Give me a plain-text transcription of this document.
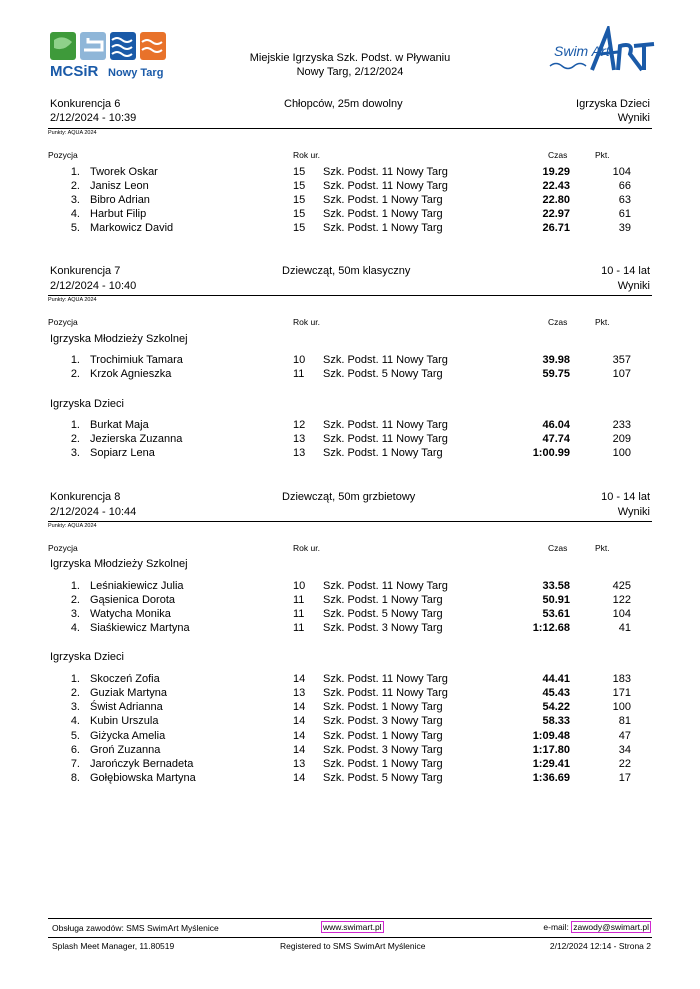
MCSiR Nowy Targ
Miejskie Igrzyska Szk. Podst. w Pływaniu
Nowy Targ, 2/12/2024
Swim Art
Konkurencja 6	Chłopców, 25m dowolny	Igrzyska Dzieci
2/12/2024 - 10:39	Wyniki
Punkty: AQUA 2024
Pozycja	Rok ur.	Czas	Pkt.
1. Tworek Oskar	15 Szk. Podst. 11 Nowy Targ	19.29	104
2. Janisz Leon	15 Szk. Podst. 11 Nowy Targ	22.43	66
3. Bibro Adrian	15 Szk. Podst. 1 Nowy Targ	22.80	63
4. Harbut Filip	15 Szk. Podst. 1 Nowy Targ	22.97	61
5. Markowicz David	15 Szk. Podst. 1 Nowy Targ	26.71	39
Konkurencja 7	Dziewcząt, 50m klasyczny	10 - 14 lat
2/12/2024 - 10:40	Wyniki
Punkty: AQUA 2024
Pozycja	Rok ur.	Czas	Pkt.
Igrzyska Młodzieży Szkolnej
1. Trochimiuk Tamara	10 Szk. Podst. 11 Nowy Targ	39.98	357
2. Krzok Agnieszka	11 Szk. Podst. 5 Nowy Targ	59.75	107
Igrzyska Dzieci
1. Burkat Maja	12 Szk. Podst. 11 Nowy Targ	46.04	233
2. Jezierska Zuzanna	13 Szk. Podst. 11 Nowy Targ	47.74	209
3. Sopiarz Lena	13 Szk. Podst. 1 Nowy Targ	1:00.99	100
Konkurencja 8	Dziewcząt, 50m grzbietowy	10 - 14 lat
2/12/2024 - 10:44	Wyniki
Punkty: AQUA 2024
Pozycja	Rok ur.	Czas	Pkt.
Igrzyska Młodzieży Szkolnej
1. Leśniakiewicz Julia	10 Szk. Podst. 11 Nowy Targ	33.58	425
2. Gąsienica Dorota	11 Szk. Podst. 1 Nowy Targ	50.91	122
3. Watycha Monika	11 Szk. Podst. 5 Nowy Targ	53.61	104
4. Siaśkiewicz Martyna	11 Szk. Podst. 3 Nowy Targ	1:12.68	41
Igrzyska Dzieci
1. Skoczeń Zofia	14 Szk. Podst. 11 Nowy Targ	44.41	183
2. Guziak Martyna	13 Szk. Podst. 11 Nowy Targ	45.43	171
3. Świst Adrianna	14 Szk. Podst. 1 Nowy Targ	54.22	100
4. Kubin Urszula	14 Szk. Podst. 3 Nowy Targ	58.33	81
5. Giżycka Amelia	14 Szk. Podst. 1 Nowy Targ	1:09.48	47
6. Groń Zuzanna	14 Szk. Podst. 3 Nowy Targ	1:17.80	34
7. Jarończyk Bernadeta	13 Szk. Podst. 1 Nowy Targ	1:29.41	22
8. Gołębiowska Martyna	14 Szk. Podst. 5 Nowy Targ	1:36.69	17
Obsługa zawodów: SMS SwimArt Myślenice	www.swimart.pl	e-mail: zawody@swimart.pl
Splash Meet Manager, 11.80519	Registered to SMS SwimArt Myślenice	2/12/2024 12:14 - Strona 2
